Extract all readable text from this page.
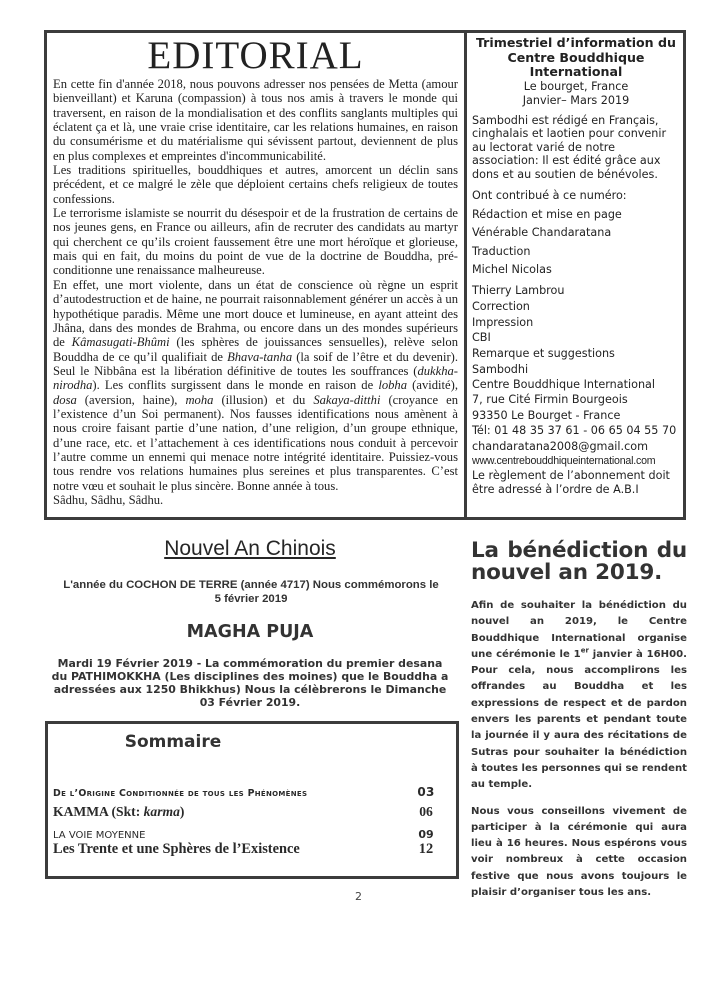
EDITORIAL

En cette fin d'année 2018, nous pouvons adresser nos pensées de Metta (amour bienveillant) et Karuna (compassion) à tous nos amis à travers le monde qui traversent, en raison de la mondialisation et des conflits sanglants multiples qui éclatent ça et là, une vraie crise identitaire, car les relations humaines, en raison du consumérisme et du matérialisme qui sévissent partout, deviennent de plus en plus complexes et empreintes d'incommunicabilité.

Les traditions spirituelles, bouddhiques et autres, amorcent un déclin sans précédent, et ce malgré le zèle que déploient certains chefs religieux de toutes confessions.

Le terrorisme islamiste se nourrit du désespoir et de la frustration de certains de nos jeunes gens, en France ou ailleurs, afin de recruter des candidats au martyr qui cherchent ce qu’ils croient faussement être une mort héroïque et glorieuse, mais qui en fait, du moins du point de vue de la doctrine de Bouddha, pré-conditionne une renaissance malheureuse.

En effet, une mort violente, dans un état de conscience où règne un esprit d’autodestruction et de haine, ne pourrait raisonnablement générer un accès à un hypothétique paradis. Même une mort douce et lumineuse, en ayant atteint des Jhâna, dans des mondes de Brahma, ou encore dans un des mondes supérieurs de Kâmasugati-Bhûmi (les sphères de jouissances sensuelles), relève selon Bouddha de ce qu’il qualifiait de Bhava-tanha (la soif de l’être et du devenir). Seul le Nibbâna est la libération définitive de toutes les souffrances (dukkha-nirodha). Les conflits surgissent dans le monde en raison de lobha (avidité), dosa (aversion, haine), moha (illusion) et du Sakaya-ditthi (croyance en l’existence d’un Soi permanent). Nos fausses identifications nous amènent à nous croire faisant partie d’une nation, d’une religion, d’un groupe ethnique, d’une race, etc. et l’attachement à ces identifications nous conduit à percevoir l’autre comme un ennemi qui menace notre intégrité identitaire. Puissiez-vous tous rendre vos relations humaines plus sereines et plus transparentes. C’est notre vœu et souhait le plus sincère. Bonne année à tous.

Sâdhu, Sâdhu, Sâdhu.

Trimestriel d’information du Centre Bouddhique International
Le bourget, France
Janvier– Mars 2019
Sambodhi est rédigé en Français, cinghalais et laotien pour convenir au lectorat varié de notre association: Il est édité grâce aux dons et au soutien de bénévoles.
Ont contribué à ce numéro:
Rédaction et mise en page
Vénérable Chandaratana
Traduction
Michel Nicolas
Thierry Lambrou
Correction
Impression
CBI
Remarque et suggestions
Sambodhi
Centre Bouddhique International
7, rue Cité Firmin Bourgeois
93350 Le Bourget - France
Tél: 01 48 35 37 61 - 06 65 04 55 70
chandaratana2008@gmail.com
www.centrebouddhiqueinternational.com
Le règlement de l’abonnement doit être adressé à l’ordre de A.B.I
Nouvel An Chinois
L'année du COCHON DE TERRE (année 4717) Nous commémorons le
5 février 2019
MAGHA PUJA
Mardi 19 Février 2019 - La commémoration du premier desana du PATHIMOKKHA (Les disciplines des moines) que le Bouddha a adressées aux 1250 Bhikkhus) Nous la célèbrerons le Dimanche 03 Février 2019.
Sommaire
De l’Origine Conditionnée de tous les Phénomènes	03
KAMMA (Skt: karma)	06
LA VOIE MOYENNE	09
Les Trente et une Sphères de l’Existence	12
La bénédiction du
nouvel an 2019.

Afin de souhaiter la bénédiction du nouvel an 2019, le Centre Bouddhique International organise une cérémonie le 1er janvier à 16H00. Pour cela, nous accomplirons les offrandes au Bouddha et les expressions de respect et de pardon envers les parents et pendant toute la journée il y aura des récitations de Sutras pour souhaiter la bénédiction à toutes les personnes qui se rendent au temple.

Nous vous conseillons vivement de participer à la cérémonie qui aura lieu à 16 heures. Nous espérons vous voir nombreux à cette occasion festive que nous avons toujours le plaisir d’organiser tous les ans.

2
